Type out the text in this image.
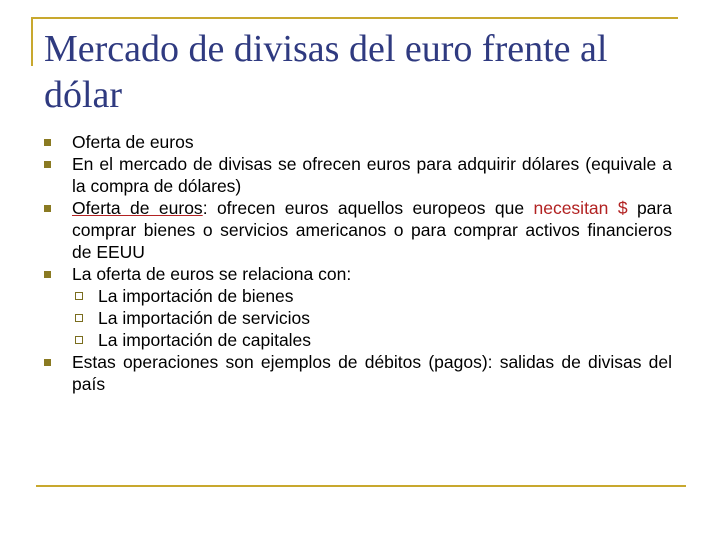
Mercado de divisas del euro frente al dólar
Oferta de euros
En el mercado de divisas se ofrecen euros para adquirir dólares (equivale a la compra de dólares)
Oferta de euros: ofrecen euros aquellos europeos que necesitan $ para comprar bienes o servicios americanos o para comprar activos financieros de EEUU
La oferta de euros se relaciona con:
La importación de bienes
La importación de servicios
La importación de capitales
Estas operaciones son ejemplos de débitos (pagos): salidas de divisas del país
